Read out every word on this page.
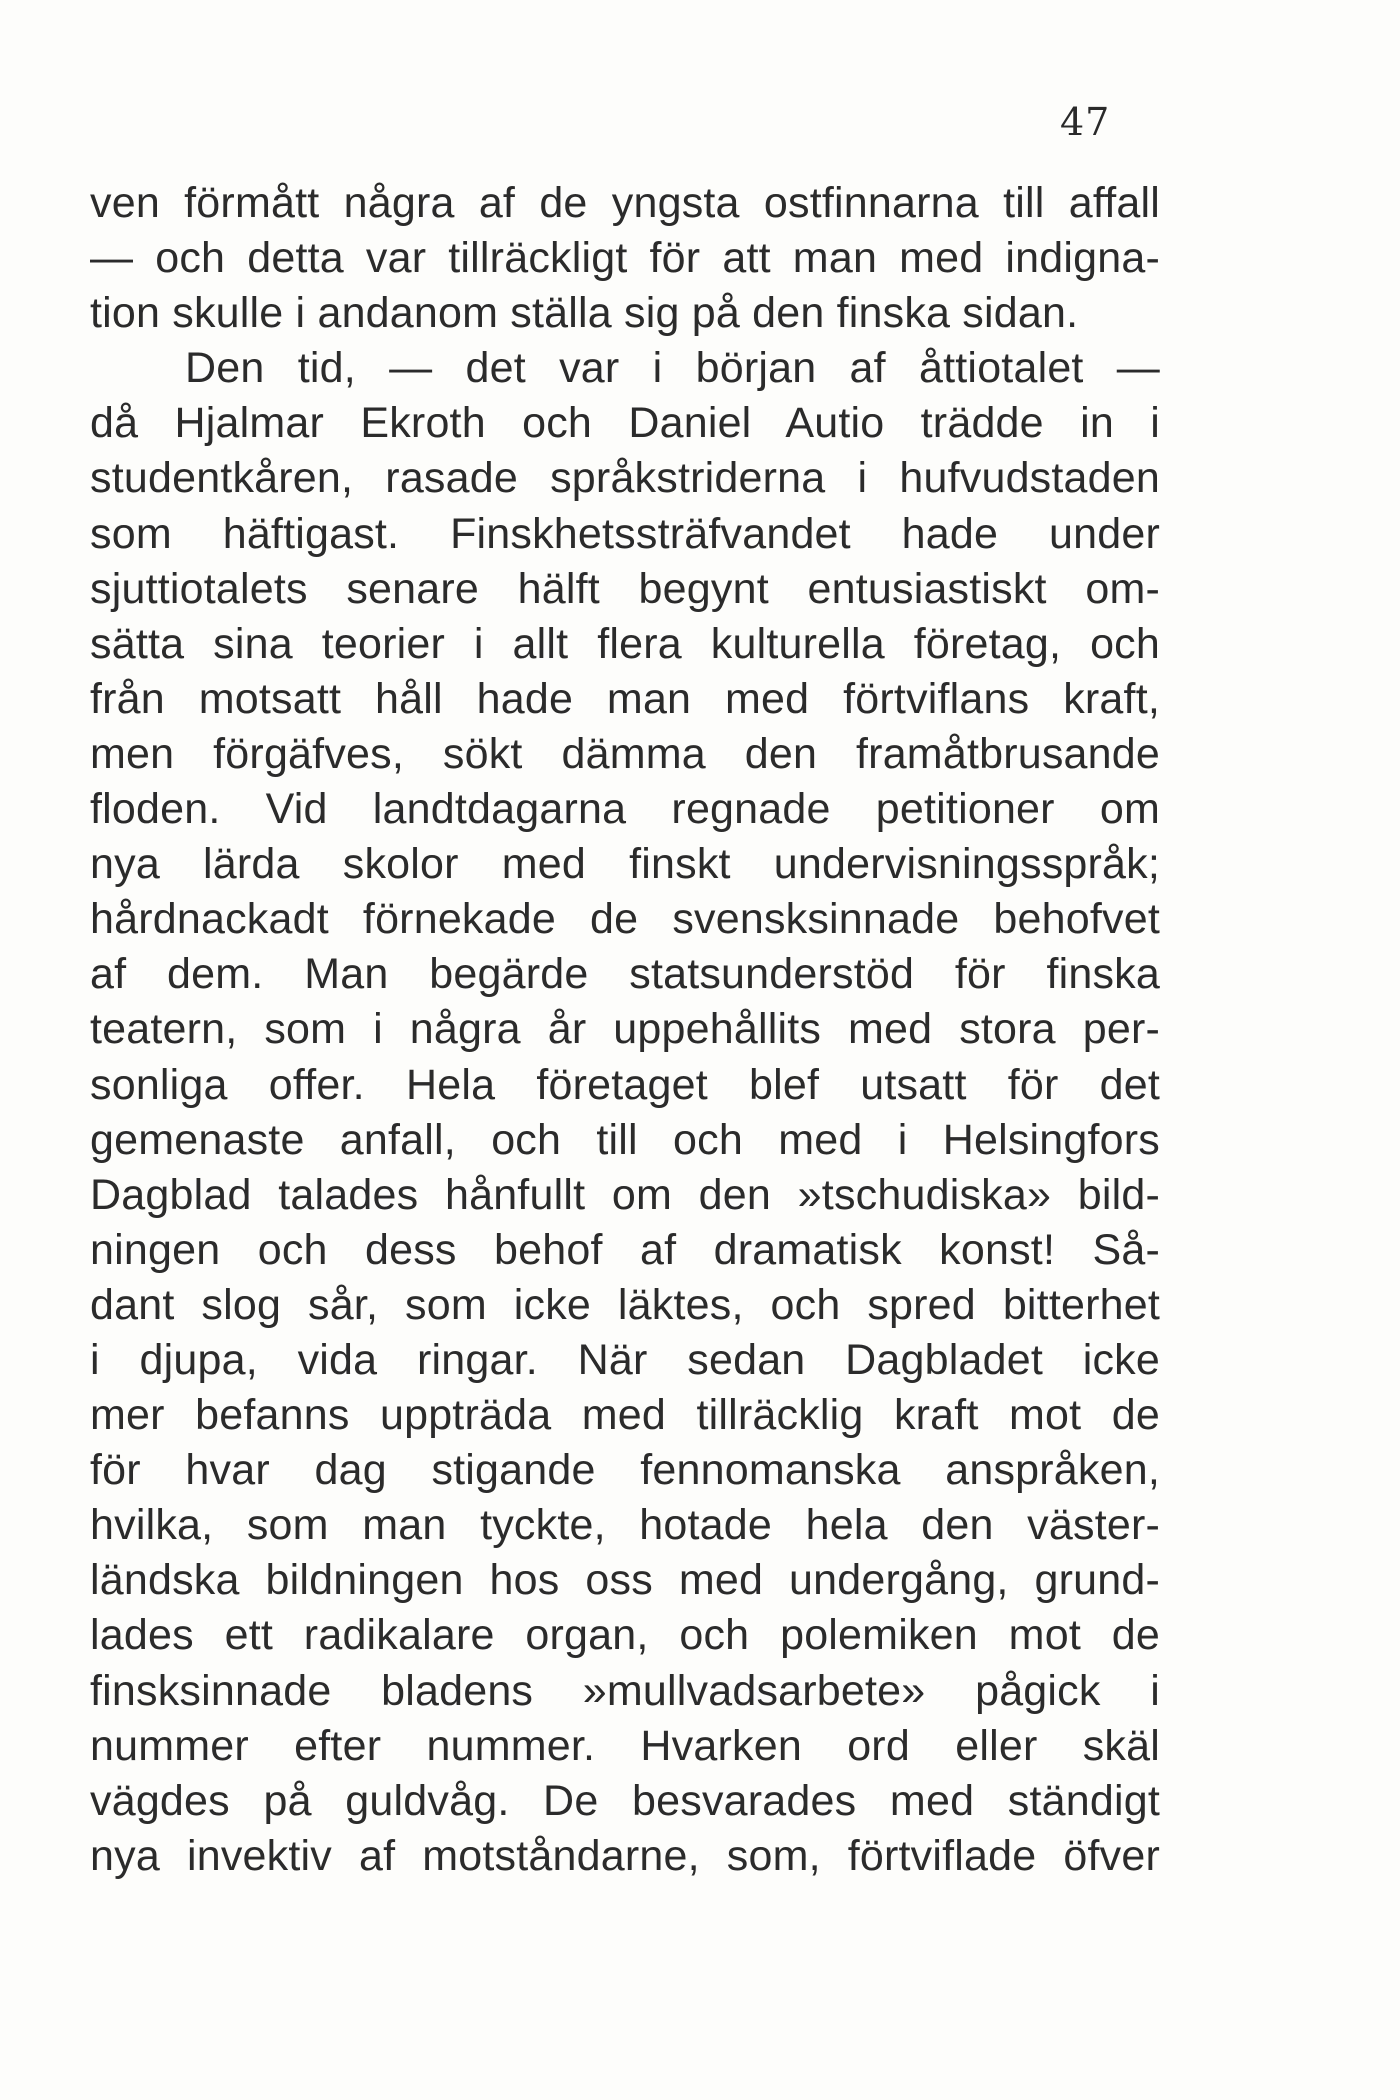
47
ven förmått några af de yngsta ostfinnarna till affall
— och detta var tillräckligt för att man med indigna-
tion skulle i andanom ställa sig på den finska sidan.
Den tid, — det var i början af åttiotalet —
då Hjalmar Ekroth och Daniel Autio trädde in i
studentkåren, rasade språkstriderna i hufvudstaden
som häftigast. Finskhetssträfvandet hade under
sjuttiotalets senare hälft begynt entusiastiskt om-
sätta sina teorier i allt flera kulturella företag, och
från motsatt håll hade man med förtviflans kraft,
men förgäfves, sökt dämma den framåtbrusande
floden. Vid landtdagarna regnade petitioner om
nya lärda skolor med finskt undervisningsspråk;
hårdnackadt förnekade de svensksinnade behofvet
af dem. Man begärde statsunderstöd för finska
teatern, som i några år uppehållits med stora per-
sonliga offer. Hela företaget blef utsatt för det
gemenaste anfall, och till och med i Helsingfors
Dagblad talades hånfullt om den »tschudiska» bild-
ningen och dess behof af dramatisk konst! Så-
dant slog sår, som icke läktes, och spred bitterhet
i djupa, vida ringar. När sedan Dagbladet icke
mer befanns uppträda med tillräcklig kraft mot de
för hvar dag stigande fennomanska anspråken,
hvilka, som man tyckte, hotade hela den väster-
ländska bildningen hos oss med undergång, grund-
lades ett radikalare organ, och polemiken mot de
finsksinnade bladens »mullvadsarbete» pågick i
nummer efter nummer. Hvarken ord eller skäl
vägdes på guldvåg. De besvarades med ständigt
nya invektiv af motståndarne, som, förtviflade öfver
